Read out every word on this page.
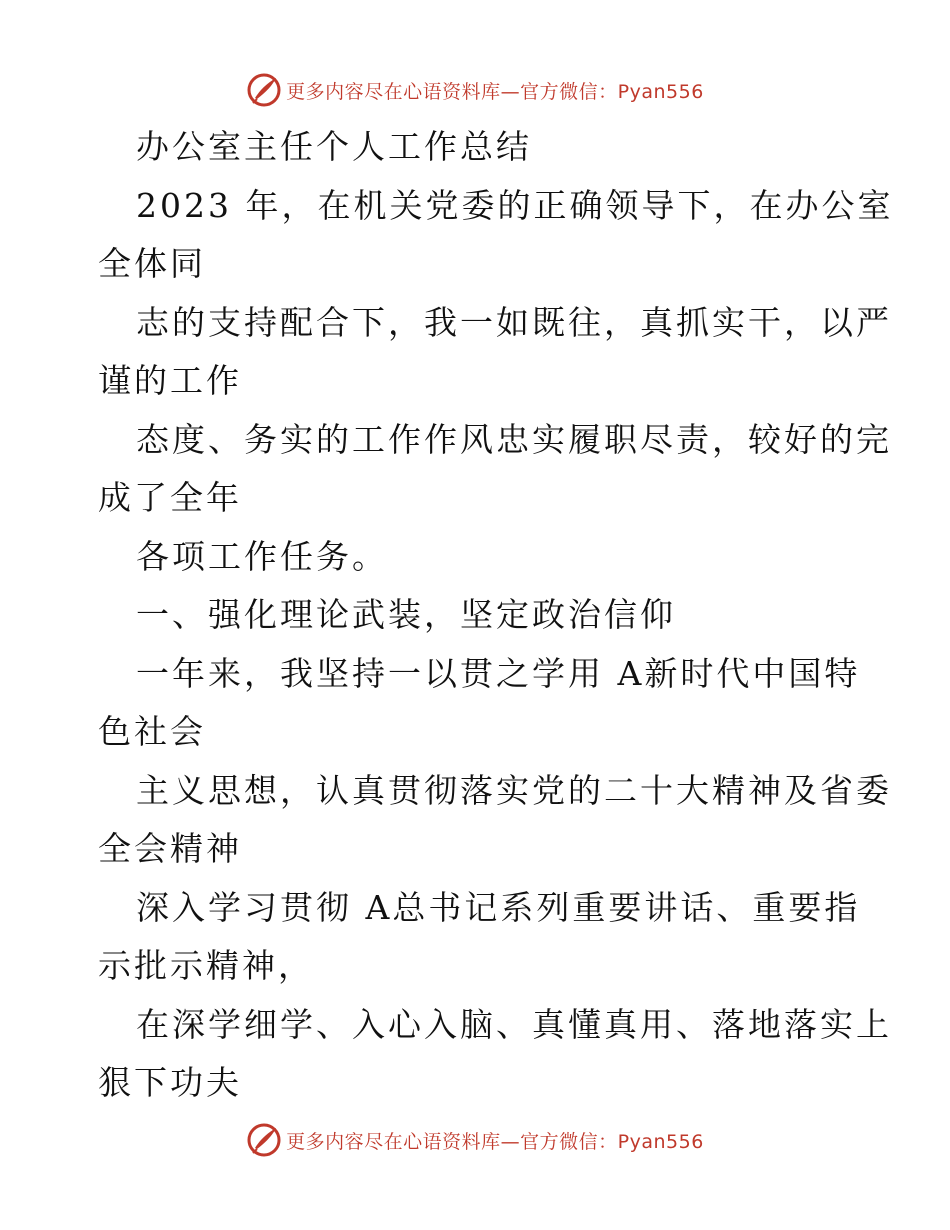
更多内容尽在心语资料库—官方微信：Pyan556
办公室主任个人工作总结
2023 年，在机关党委的正确领导下，在办公室
全体同
志的支持配合下，我一如既往，真抓实干，以严
谨的工作
态度、务实的工作作风忠实履职尽责，较好的完
成了全年
各项工作任务。
一、强化理论武装，坚定政治信仰
一年来，我坚持一以贯之学用 A新时代中国特
色社会
主义思想，认真贯彻落实党的二十大精神及省委
全会精神
深入学习贯彻 A总书记系列重要讲话、重要指
示批示精神，
在深学细学、入心入脑、真懂真用、落地落实上
狠下功夫
更多内容尽在心语资料库—官方微信：Pyan556
